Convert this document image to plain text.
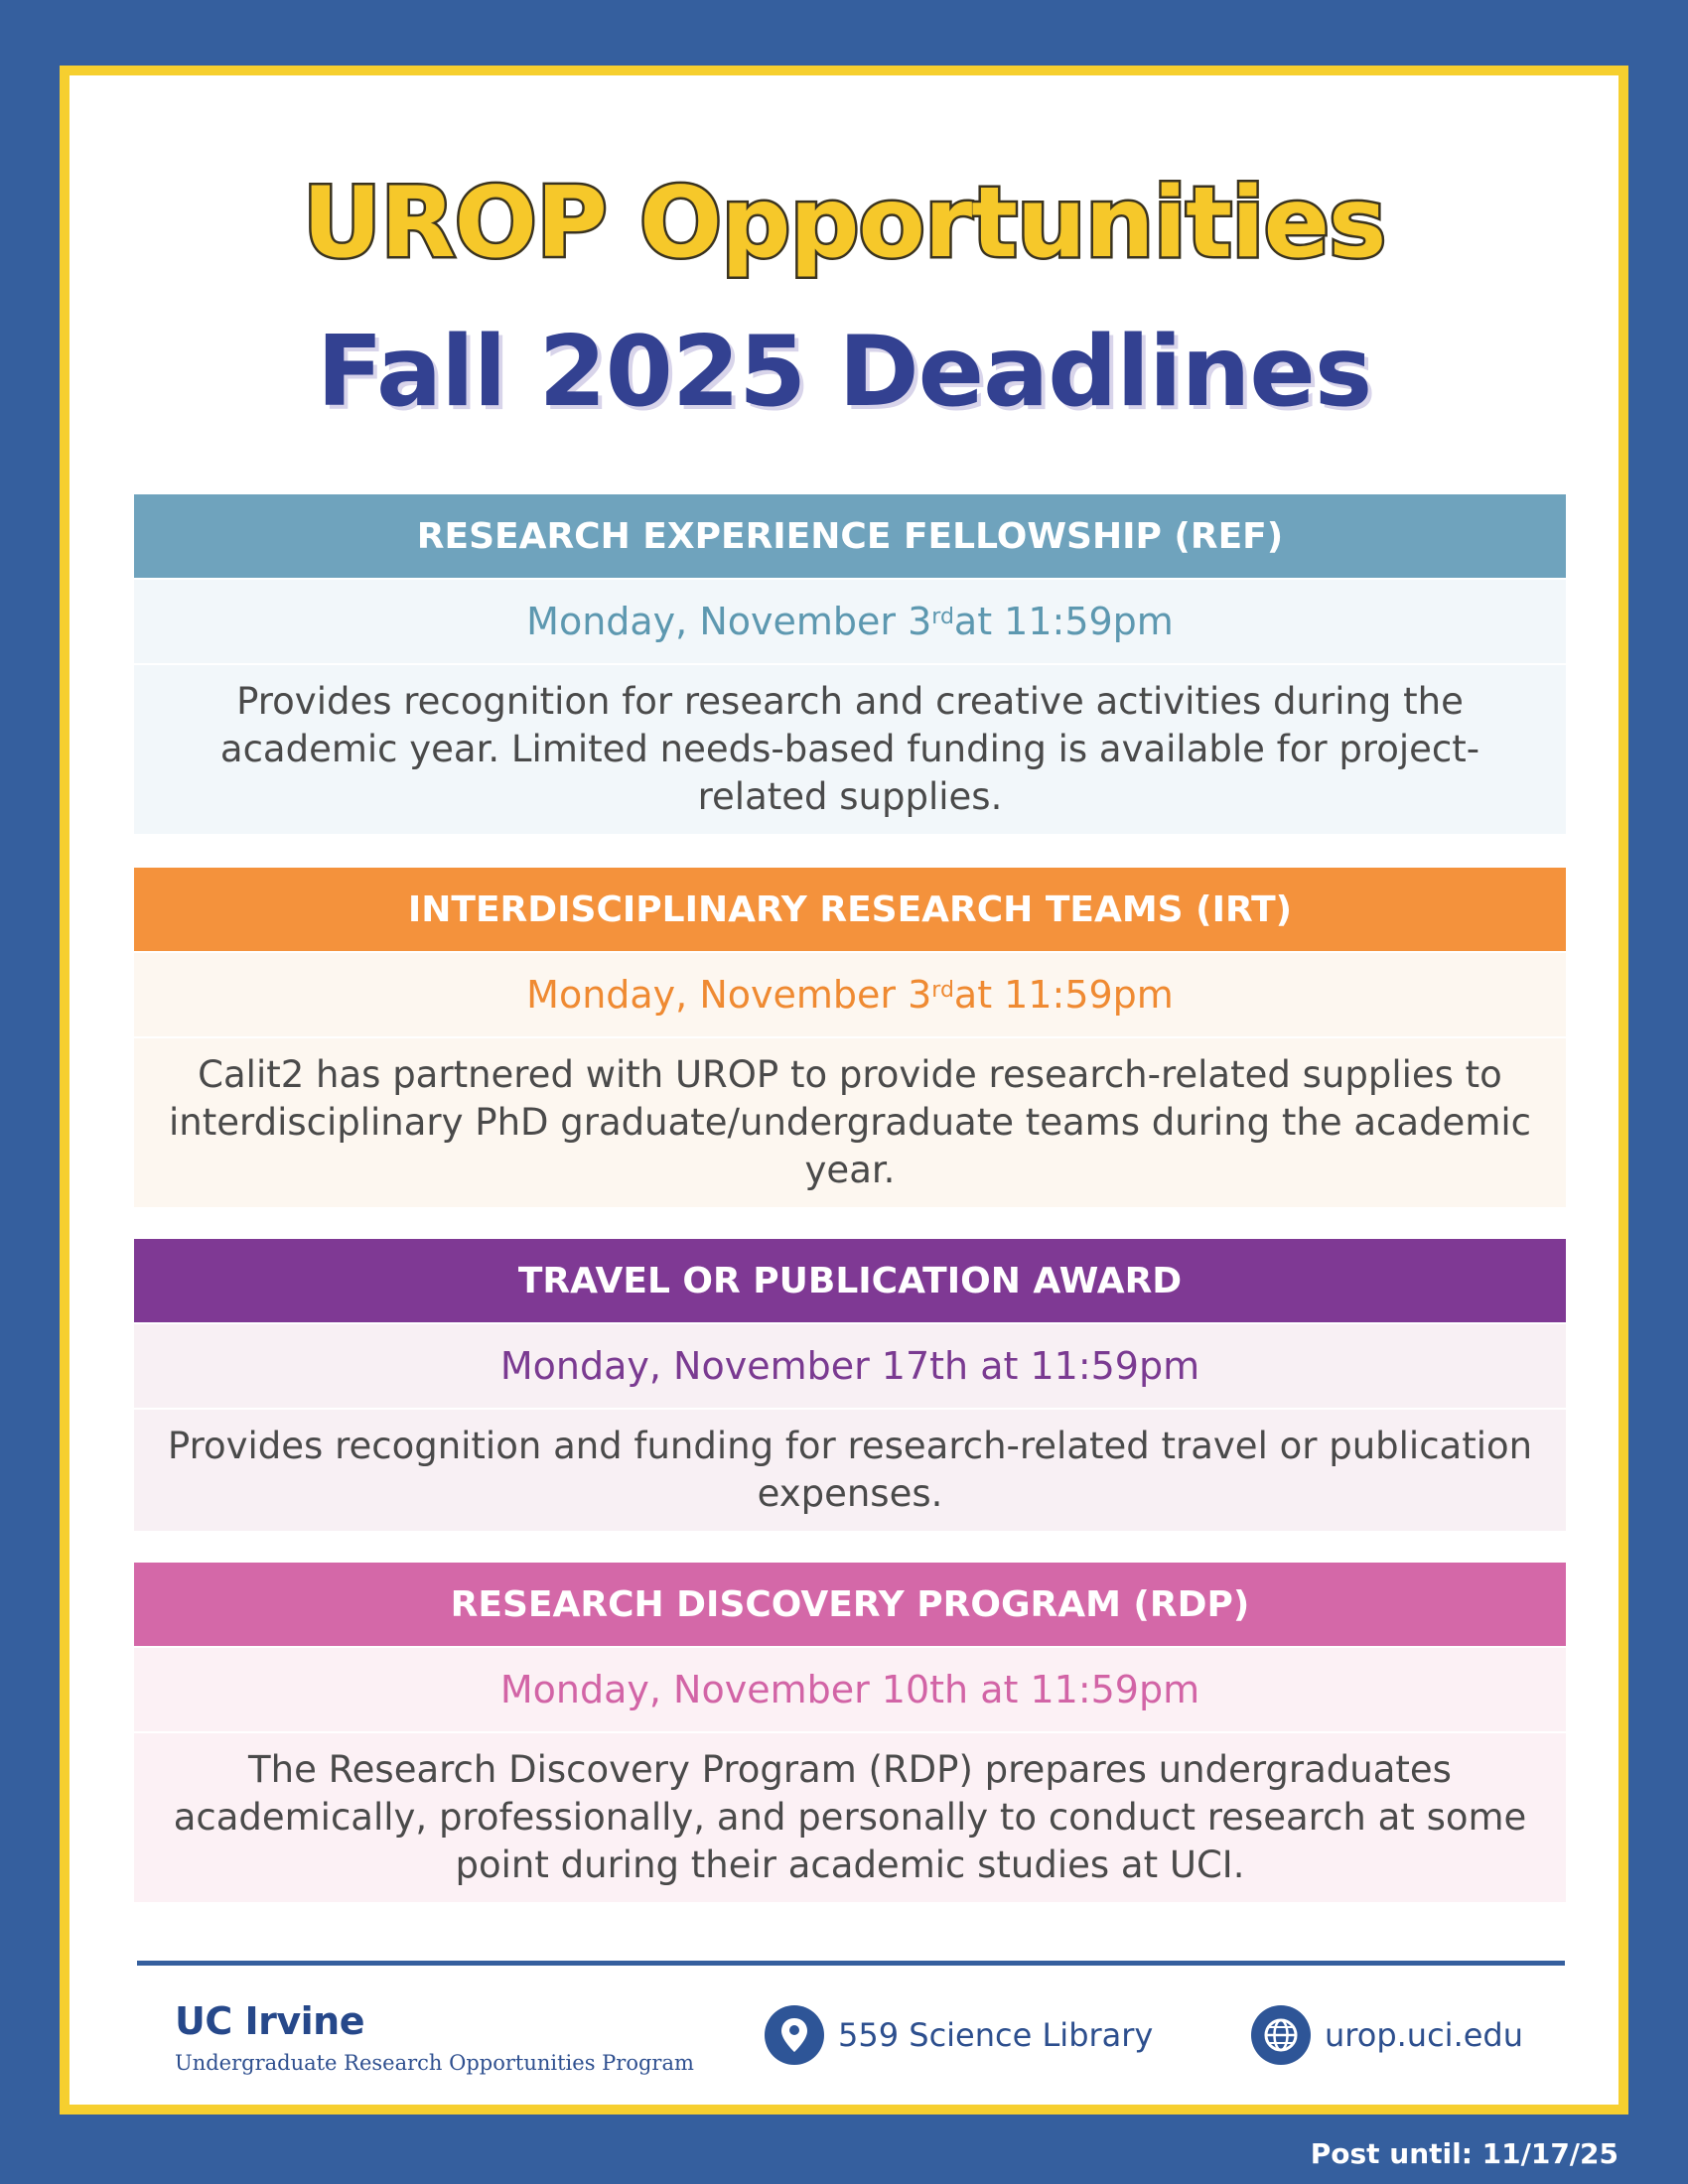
UROP Opportunities
Fall 2025 Deadlines
RESEARCH EXPERIENCE FELLOWSHIP (REF)
Monday, November 3rd at 11:59pm
Provides recognition for research and creative activities during the academic year. Limited needs-based funding is available for project-related supplies.
INTERDISCIPLINARY RESEARCH TEAMS (IRT)
Monday, November 3rd at 11:59pm
Calit2 has partnered with UROP to provide research-related supplies to interdisciplinary PhD graduate/undergraduate teams during the academic year.
TRAVEL OR PUBLICATION AWARD
Monday, November 17th at 11:59pm
Provides recognition and funding for research-related travel or publication expenses.
RESEARCH DISCOVERY PROGRAM (RDP)
Monday, November 10th at 11:59pm
The Research Discovery Program (RDP) prepares undergraduates academically, professionally, and personally to conduct research at some point during their academic studies at UCI.
UC Irvine
Undergraduate Research Opportunities Program
559 Science Library	urop.uci.edu
Post until: 11/17/25
